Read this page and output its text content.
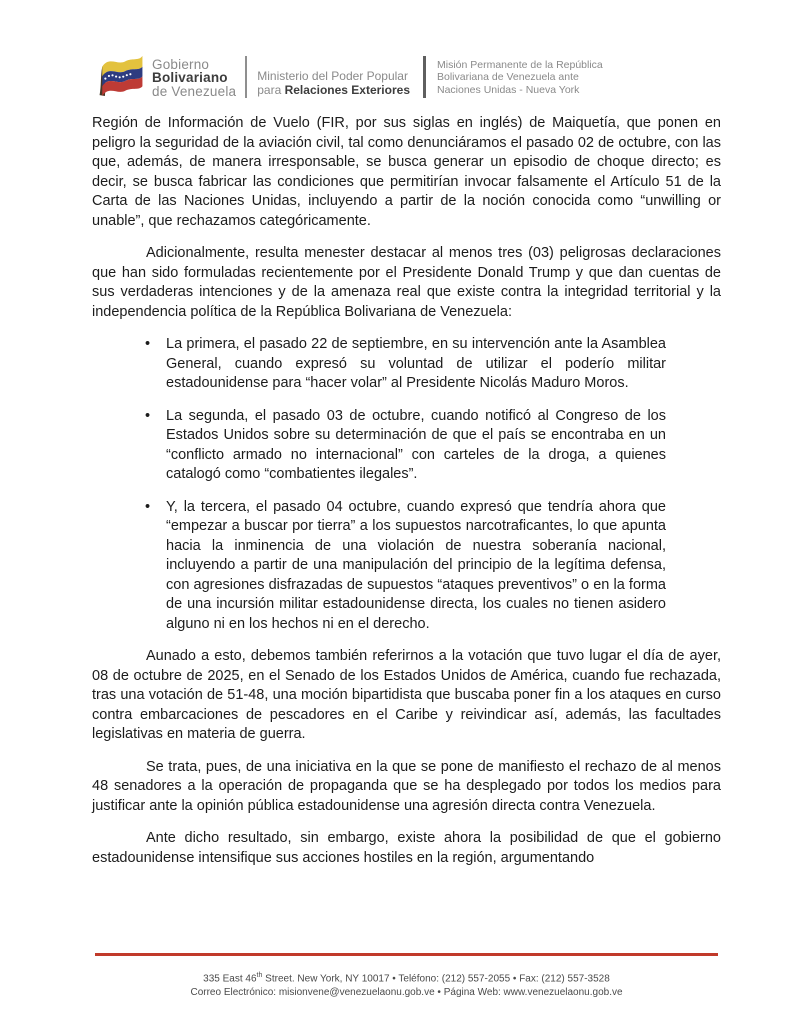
Gobierno
Bolivariano
de Venezuela
Ministerio del Poder Popular
para Relaciones Exteriores
Misión Permanente de la República
Bolivariana de Venezuela ante
Naciones Unidas - Nueva York

Región de Información de Vuelo (FIR, por sus siglas en inglés) de Maiquetía, que ponen en peligro la seguridad de la aviación civil, tal como denunciáramos el pasado 02 de octubre, con las que, además, de manera irresponsable, se busca generar un episodio de choque directo; es decir, se busca fabricar las condiciones que permitirían invocar falsamente el Artículo 51 de la Carta de las Naciones Unidas, incluyendo a partir de la noción conocida como “unwilling or unable”, que rechazamos categóricamente.

Adicionalmente, resulta menester destacar al menos tres (03) peligrosas declaraciones que han sido formuladas recientemente por el Presidente Donald Trump y que dan cuentas de sus verdaderas intenciones y de la amenaza real que existe contra la integridad territorial y la independencia política de la República Bolivariana de Venezuela:

•	La primera, el pasado 22 de septiembre, en su intervención ante la Asamblea General, cuando expresó su voluntad de utilizar el poderío militar estadounidense para “hacer volar” al Presidente Nicolás Maduro Moros.
•	La segunda, el pasado 03 de octubre, cuando notificó al Congreso de los Estados Unidos sobre su determinación de que el país se encontraba en un “conflicto armado no internacional” con carteles de la droga, a quienes catalogó como “combatientes ilegales”.
•	Y, la tercera, el pasado 04 octubre, cuando expresó que tendría ahora que “empezar a buscar por tierra” a los supuestos narcotraficantes, lo que apunta hacia la inminencia de una violación de nuestra soberanía nacional, incluyendo a partir de una manipulación del principio de la legítima defensa, con agresiones disfrazadas de supuestos “ataques preventivos” o en la forma de una incursión militar estadounidense directa, los cuales no tienen asidero alguno ni en los hechos ni en el derecho.

Aunado a esto, debemos también referirnos a la votación que tuvo lugar el día de ayer, 08 de octubre de 2025, en el Senado de los Estados Unidos de América, cuando fue rechazada, tras una votación de 51-48, una moción bipartidista que buscaba poner fin a los ataques en curso contra embarcaciones de pescadores en el Caribe y reivindicar así, además, las facultades legislativas en materia de guerra.

Se trata, pues, de una iniciativa en la que se pone de manifiesto el rechazo de al menos 48 senadores a la operación de propaganda que se ha desplegado por todos los medios para justificar ante la opinión pública estadounidense una agresión directa contra Venezuela.

Ante dicho resultado, sin embargo, existe ahora la posibilidad de que el gobierno estadounidense intensifique sus acciones hostiles en la región, argumentando

335 East 46th Street. New York, NY 10017 • Teléfono: (212) 557-2055 • Fax: (212) 557-3528
Correo Electrónico: misionvene@venezuelaonu.gob.ve • Página Web: www.venezuelaonu.gob.ve
